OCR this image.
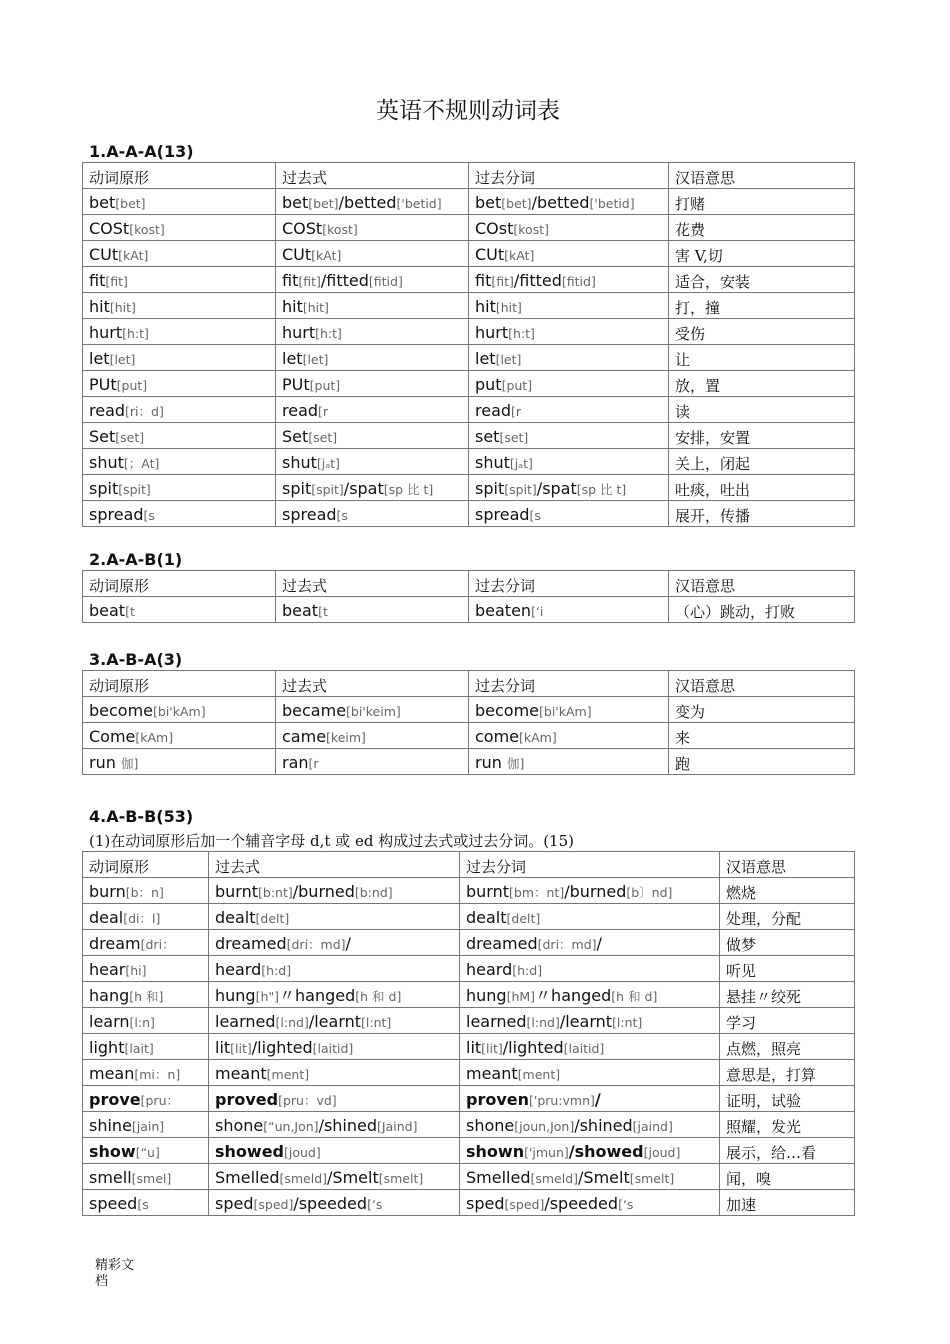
英语不规则动词表
1.A-A-A(13)
动词原形	过去式	过去分词	汉语意思
bet[bet]	bet[bet]/betted['betid]	bet[bet]/betted['betid]	打赌
COSt[kost]	COSt[kost]	COst[kost]	花费
CUt[kAt]	CUt[kAt]	CUt[kAt]	害 V,切
fit[fit]	fit[fit]/fitted[fitid]	fit[fit]/fitted[fitid]	适合，安装
hit[hit]	hit[hit]	hit[hit]	打，撞
hurt[h:t]	hurt[h:t]	hurt[h:t]	受伤
let[let]	let[let]	let[let]	让
PUt[put]	PUt[put]	put[put]	放，置
read[ri：d]	read[r	read[r	读
Set[set]	Set[set]	set[set]	安排，安置
shut[；At]	shut[jₐt]	shut[jₐt]	关上，闭起
spit[spit]	spit[spit]/spat[sp 比 t]	spit[spit]/spat[sp 比 t]	吐痰，吐出
spread[s	spread[s	spread[s	展开，传播
2.A-A-B(1)
动词原形	过去式	过去分词	汉语意思
beat[t	beat[t	beaten[‘i	（心）跳动，打败
3.A-B-A(3)
动词原形	过去式	过去分词	汉语意思
become[bi'kAm]	became[bi'keim]	become[bi'kAm]	变为
Come[kAm]	came[keim]	come[kAm]	来
run 伽]	ran[r	run 伽]	跑
4.A-B-B(53)
(1)在动词原形后加一个辅音字母 d,t 或 ed 构成过去式或过去分词。(15)
动词原形	过去式	过去分词	汉语意思
burn[b：n]	burnt[b:nt]/burned[b:nd]	burnt[bm：nt]/burned[b〕nd]	燃烧
deal[di：l]	dealt[delt]	dealt[delt]	处理，分配
dream[dri：	dreamed[dri：md]/	dreamed[dri：md]/	做梦
hear[hi]	heard[h:d]	heard[h:d]	听见
hang[h 和]	hung[h"]〃hanged[h 和 d]	hung[hM]〃hanged[h 和 d]	悬挂〃绞死
learn[l:n]	learned[l:nd]/learnt[l:nt]	learned[l:nd]/learnt[l:nt]	学习
light[lait]	lit[lit]/lighted[laitid]	lit[lit]/lighted[laitid]	点燃，照亮
mean[mi：n]	meant[ment]	meant[ment]	意思是，打算
prove[pru：	proved[pru：vd]	proven['pru:vmn]/	证明，试验
shine[jain]	shone[“un,Jon]/shined[Jaind]	shone[joun,Jon]/shined[jaind]	照耀，发光
show[“u]	showed[joud]	shown['jmun]/showed[joud]	展示，给…看
smell[smel]	Smelled[smeld]/Smelt[smelt]	Smelled[smeld]/Smelt[smelt]	闻，嗅
speed[s	sped[sped]/speeded[‘s	sped[sped]/speeded[‘s	加速
精彩文档
